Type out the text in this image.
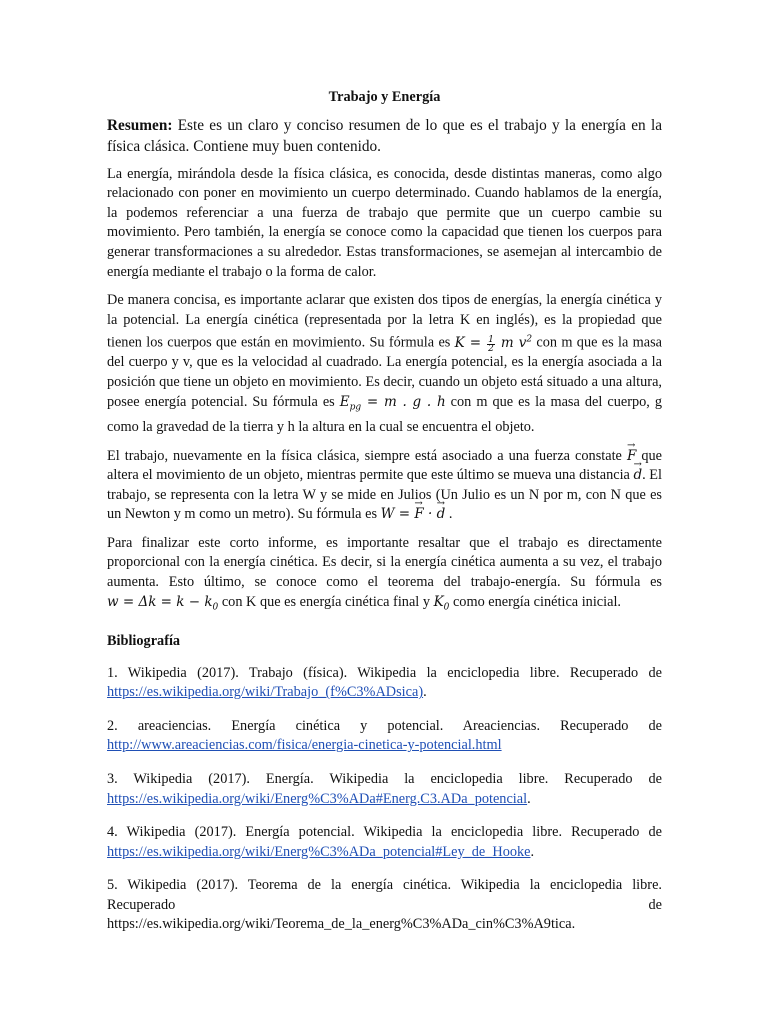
Trabajo y Energía

Resumen: Este es un claro y conciso resumen de lo que es el trabajo y la energía en la física clásica. Contiene muy buen contenido.

La energía, mirándola desde la física clásica, es conocida, desde distintas maneras, como algo relacionado con poner en movimiento un cuerpo determinado. Cuando hablamos de la energía, la podemos referenciar a una fuerza de trabajo que permite que un cuerpo cambie su movimiento. Pero también, la energía se conoce como la capacidad que tienen los cuerpos para generar transformaciones a su alrededor. Estas transformaciones, se asemejan al intercambio de energía mediante el trabajo o la forma de calor.

De manera concisa, es importante aclarar que existen dos tipos de energías, la energía cinética y la potencial. La energía cinética (representada por la letra K en inglés), es la propiedad que tienen los cuerpos que están en movimiento. Su fórmula es $K = \frac{1}{2}$ m $v^2$ con m que es la masa del cuerpo y v, que es la velocidad al cuadrado. La energía potencial, es la energía asociada a la posición que tiene un objeto en movimiento. Es decir, cuando un objeto está situado a una altura, posee energía potencial. Su fórmula es $E_{pg} = m$ . g . h con m que es la masa del cuerpo, g como la gravedad de la tierra y h la altura en la cual se encuentra el objeto.

El trabajo, nuevamente en la física clásica, siempre está asociado a una fuerza constate → F que altera el movimiento de un objeto, mientras permite que este último se mueva una distancia → d. El trabajo, se representa con la letra W y se mide en Julios (Un Julio es un N por m, con N que es un Newton y m como un metro). Su fórmula es W = → F · → d .

Para finalizar este corto informe, es importante resaltar que el trabajo es directamente proporcional con la energía cinética. Es decir, si la energía cinética aumenta a su vez, el trabajo aumenta. Esto último, se conoce como el teorema del trabajo-energía. Su fórmula es $w = \Delta k = k - k_0$ con K que es energía cinética final y $K_0$ como energía cinética inicial.

Bibliografía

1. Wikipedia (2017). Trabajo (física). Wikipedia la enciclopedia libre. Recuperado de https://es.wikipedia.org/wiki/Trabajo_(f%C3%ADsica).

2. areaciencias. Energía cinética y potencial. Areaciencias. Recuperado de http://www.areaciencias.com/fisica/energia-cinetica-y-potencial.html

3. Wikipedia (2017). Energía. Wikipedia la enciclopedia libre. Recuperado de https://es.wikipedia.org/wiki/Energ%C3%ADa#Energ.C3.ADa_potencial.

4. Wikipedia (2017). Energía potencial. Wikipedia la enciclopedia libre. Recuperado de https://es.wikipedia.org/wiki/Energ%C3%ADa_potencial#Ley_de_Hooke.

5. Wikipedia (2017). Teorema de la energía cinética. Wikipedia la enciclopedia libre. Recuperado de https://es.wikipedia.org/wiki/Teorema_de_la_energ%C3%ADa_cin%C3%A9tica.
